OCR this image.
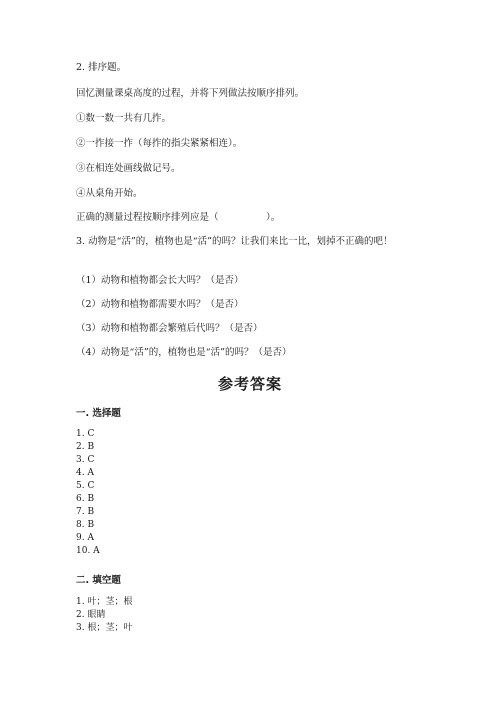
2. 排序题。
回忆测量课桌高度的过程，并将下列做法按顺序排列。
①数一数一共有几拃。
②一拃接一拃（每拃的指尖紧紧相连）。
③在相连处画线做记号。
④从桌角开始。
正确的测量过程按顺序排列应是（　　　　　）。
3. 动物是“活”的，植物也是“活”的吗？让我们来比一比，划掉不正确的吧！
（1）动物和植物都会长大吗？（是否）
（2）动物和植物都需要水吗？（是否）
（3）动物和植物都会繁殖后代吗？（是否）
（4）动物是“活”的，植物也是“活”的吗？（是否）
参考答案
一. 选择题
1. C
2. B
3. C
4. A
5. C
6. B
7. B
8. B
9. A
10. A
二. 填空题
1. 叶；茎；根
2. 眼睛
3. 根；茎；叶
